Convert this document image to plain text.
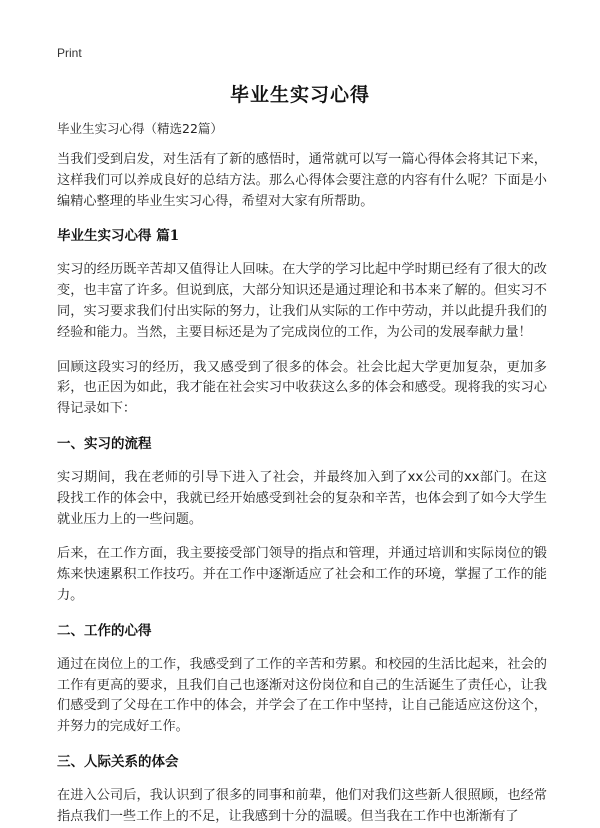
Print
毕业生实习心得
毕业生实习心得（精选22篇）

当我们受到启发，对生活有了新的感悟时，通常就可以写一篇心得体会将其记下来，这样我们可以养成良好的总结方法。那么心得体会要注意的内容有什么呢？下面是小编精心整理的毕业生实习心得，希望对大家有所帮助。

毕业生实习心得 篇1

实习的经历既辛苦却又值得让人回味。在大学的学习比起中学时期已经有了很大的改变，也丰富了许多。但说到底，大部分知识还是通过理论和书本来了解的。但实习不同，实习要求我们付出实际的努力，让我们从实际的工作中劳动，并以此提升我们的经验和能力。当然，主要目标还是为了完成岗位的工作，为公司的发展奉献力量！

回顾这段实习的经历，我又感受到了很多的体会。社会比起大学更加复杂，更加多彩，也正因为如此，我才能在社会实习中收获这么多的体会和感受。现将我的实习心得记录如下：

一、实习的流程

实习期间，我在老师的引导下进入了社会，并最终加入到了xx公司的xx部门。在这段找工作的体会中，我就已经开始感受到社会的复杂和辛苦，也体会到了如今大学生就业压力上的一些问题。

后来，在工作方面，我主要接受部门领导的指点和管理，并通过培训和实际岗位的锻炼来快速累积工作技巧。并在工作中逐渐适应了社会和工作的环境，掌握了工作的能力。

二、工作的心得

通过在岗位上的工作，我感受到了工作的辛苦和劳累。和校园的生活比起来，社会的工作有更高的要求，且我们自己也逐渐对这份岗位和自己的生活诞生了责任心，让我们感受到了父母在工作中的体会，并学会了在工作中坚持，让自己能适应这份这个，并努力的完成好工作。

三、人际关系的体会

在进入公司后，我认识到了很多的同事和前辈，他们对我们这些新人很照顾，也经常指点我们一些工作上的不足，让我感到十分的温暖。但当我在工作中也渐渐有了
